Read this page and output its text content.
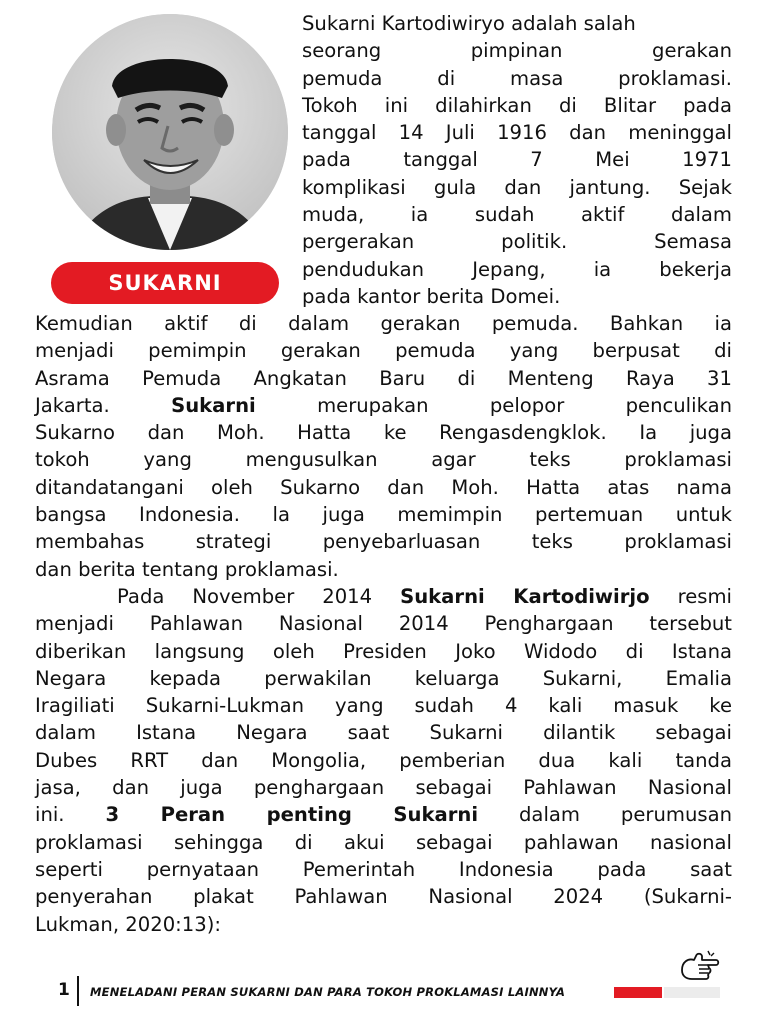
SUKARNI
Sukarni Kartodiwiryo adalah salah
seorang pimpinan gerakan
pemuda di masa proklamasi.
Tokoh ini dilahirkan di Blitar pada
tanggal 14 Juli 1916 dan meninggal
pada tanggal 7 Mei 1971
komplikasi gula dan jantung. Sejak
muda, ia sudah aktif dalam
pergerakan politik. Semasa
pendudukan Jepang, ia bekerja
pada kantor berita Domei.
Kemudian aktif di dalam gerakan pemuda. Bahkan ia
menjadi pemimpin gerakan pemuda yang berpusat di
Asrama Pemuda Angkatan Baru di Menteng Raya 31
Jakarta. Sukarni merupakan pelopor penculikan
Sukarno dan Moh. Hatta ke Rengasdengklok. Ia juga
tokoh yang mengusulkan agar teks proklamasi
ditandatangani oleh Sukarno dan Moh. Hatta atas nama
bangsa Indonesia. la juga memimpin pertemuan untuk
membahas strategi penyebarluasan teks proklamasi
dan berita tentang proklamasi.
Pada November 2014 Sukarni Kartodiwirjo resmi
menjadi Pahlawan Nasional 2014 Penghargaan tersebut
diberikan langsung oleh Presiden Joko Widodo di Istana
Negara kepada perwakilan keluarga Sukarni, Emalia
Iragiliati Sukarni-Lukman yang sudah 4 kali masuk ke
dalam Istana Negara saat Sukarni dilantik sebagai
Dubes RRT dan Mongolia, pemberian dua kali tanda
jasa, dan juga penghargaan sebagai Pahlawan Nasional
ini. 3 Peran penting Sukarni dalam perumusan
proklamasi sehingga di akui sebagai pahlawan nasional
seperti pernyataan Pemerintah Indonesia pada saat
penyerahan plakat Pahlawan Nasional 2024 (Sukarni-
Lukman, 2020:13):
1 MENELADANI PERAN SUKARNI DAN PARA TOKOH PROKLAMASI LAINNYA
